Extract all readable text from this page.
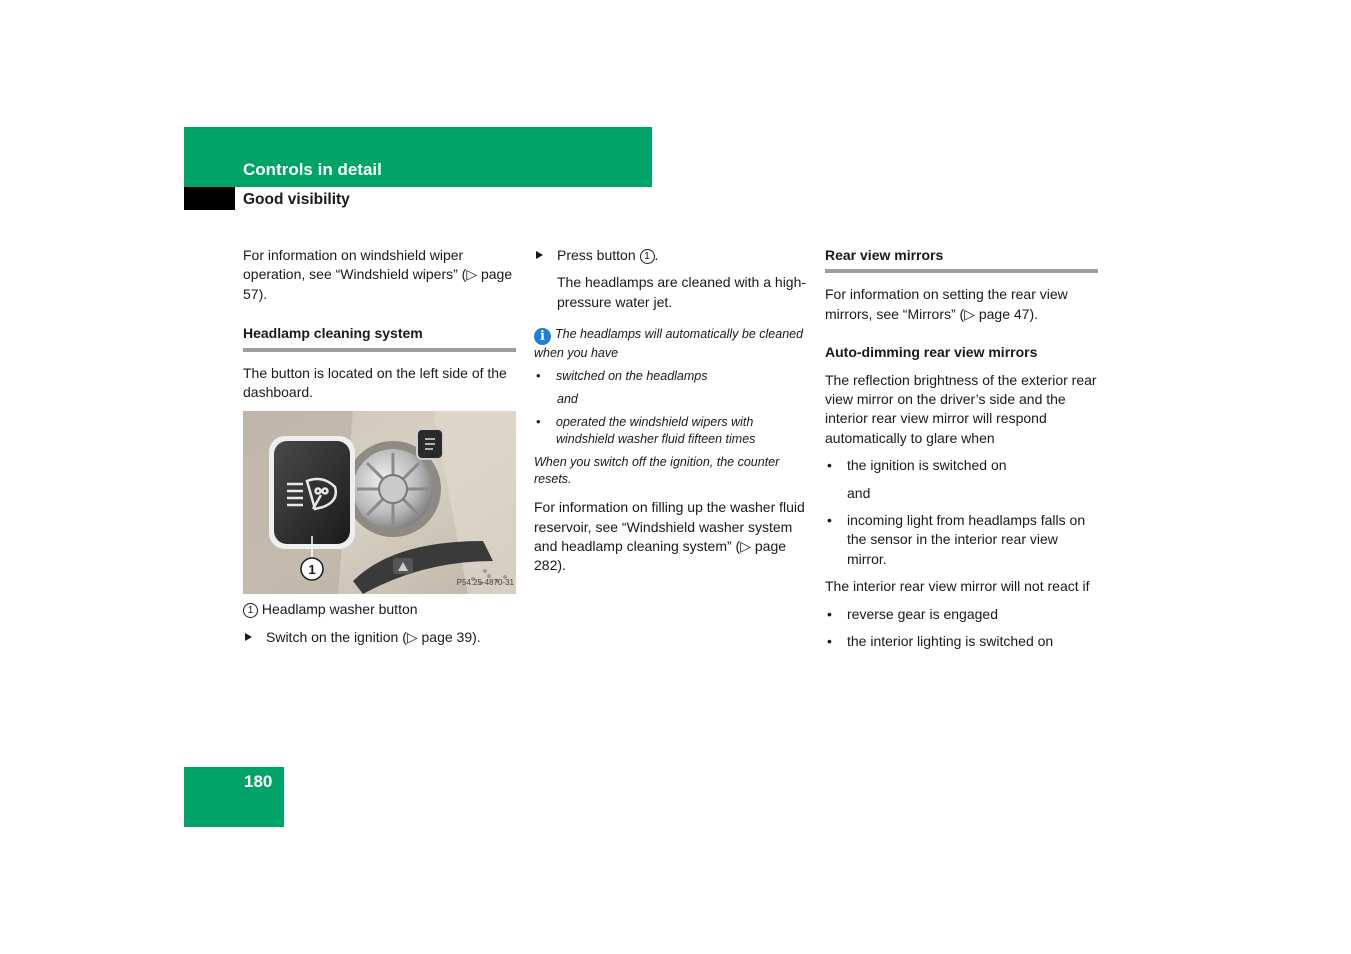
Controls in detail
Good visibility

For information on windshield wiper operation, see “Windshield wipers” (▷ page 57).

Headlamp cleaning system

The button is located on the left side of the dashboard.

1
P54.25-4870-31

1 Headlamp washer button

Switch on the ignition (▷ page 39).
Press button 1 .

The headlamps are cleaned with a high-pressure water jet.

i The headlamps will automatically be cleaned when you have

• switched on the headlamps

and

• operated the windshield wipers with windshield washer fluid fifteen times

When you switch off the ignition, the counter resets.

For information on filling up the washer fluid reservoir, see “Windshield washer system and headlamp cleaning system” (▷ page 282).

Rear view mirrors

For information on setting the rear view mirrors, see “Mirrors” (▷ page 47).

Auto-dimming rear view mirrors

The reflection brightness of the exterior rear view mirror on the driver’s side and the interior rear view mirror will respond automatically to glare when

• the ignition is switched on

and

• incoming light from headlamps falls on the sensor in the interior rear view mirror.

The interior rear view mirror will not react if

• reverse gear is engaged
• the interior lighting is switched on
180
